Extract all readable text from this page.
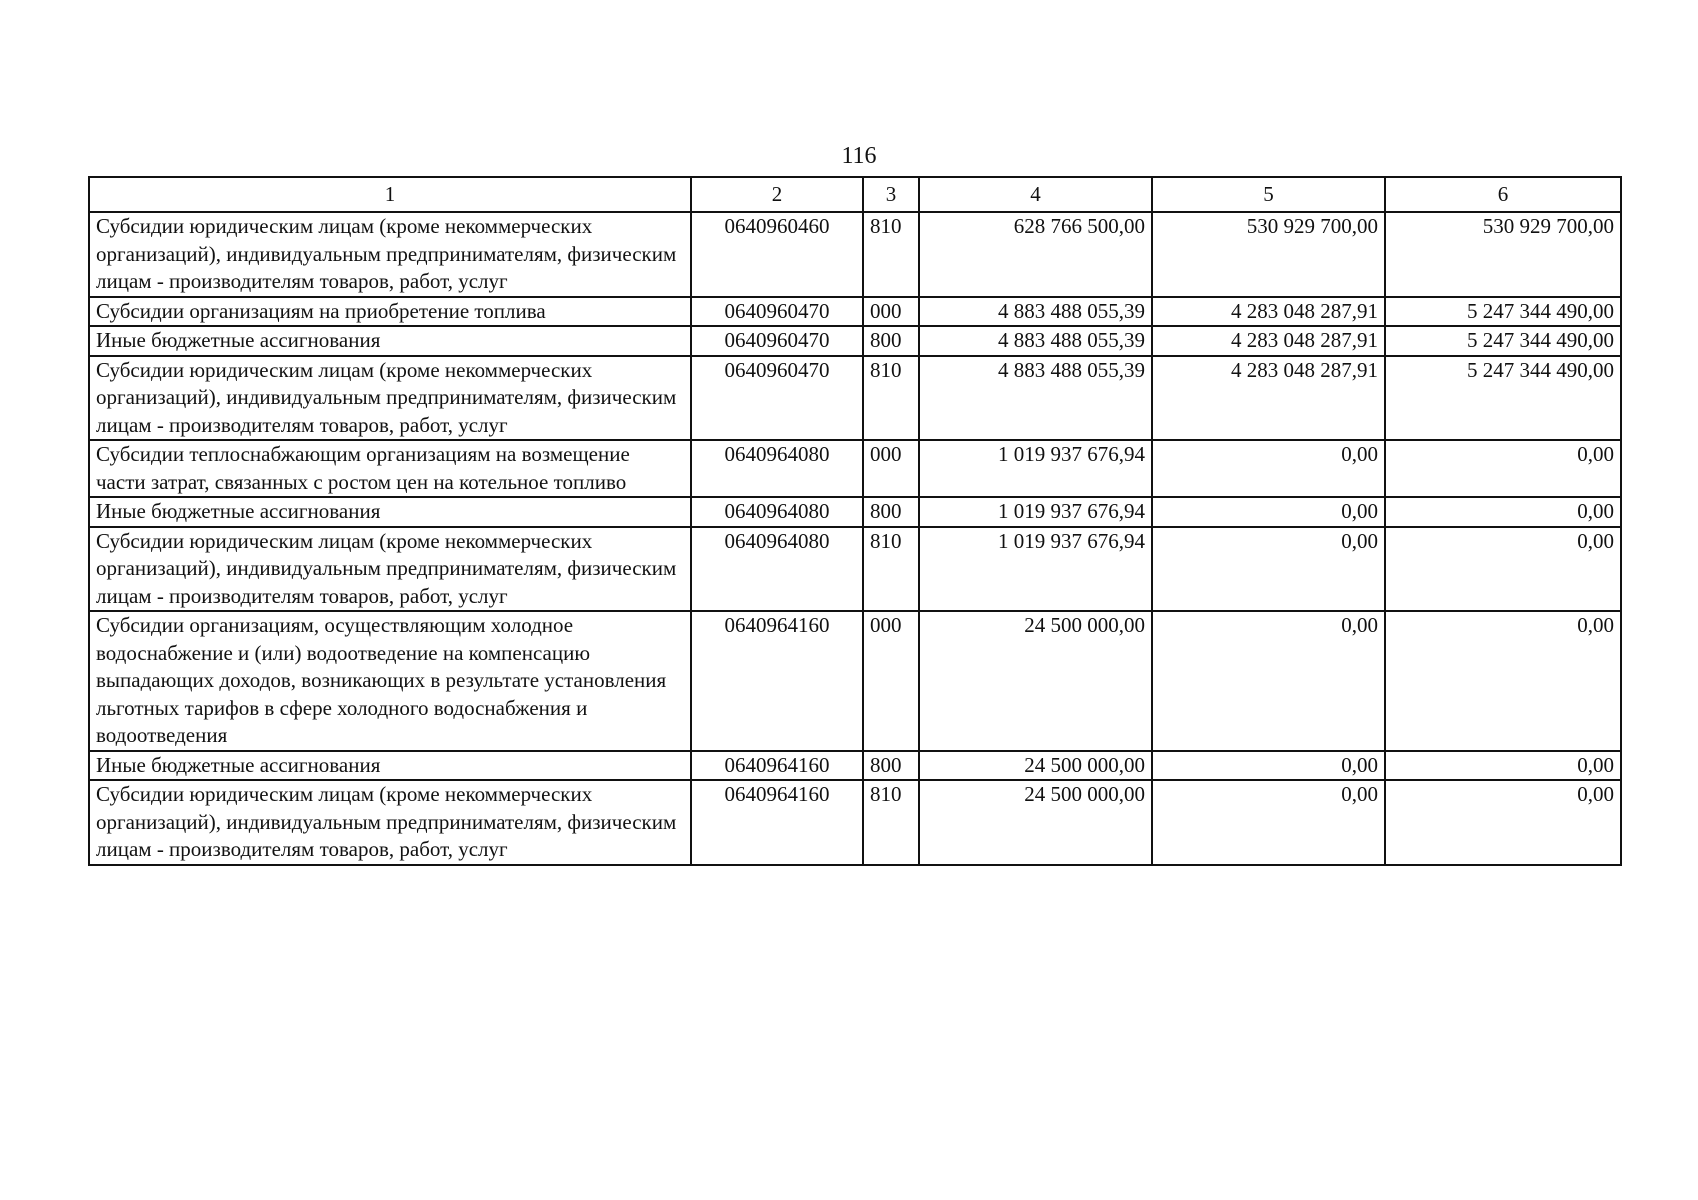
116
1	2	3	4	5	6
Субсидии юридическим лицам (кроме некоммерческих организаций), индивидуальным предпринимателям, физическим лицам - производителям товаров, работ, услуг	0640960460	810	628 766 500,00	530 929 700,00	530 929 700,00
Субсидии организациям на приобретение топлива	0640960470	000	4 883 488 055,39	4 283 048 287,91	5 247 344 490,00
Иные бюджетные ассигнования	0640960470	800	4 883 488 055,39	4 283 048 287,91	5 247 344 490,00
Субсидии юридическим лицам (кроме некоммерческих организаций), индивидуальным предпринимателям, физическим лицам - производителям товаров, работ, услуг	0640960470	810	4 883 488 055,39	4 283 048 287,91	5 247 344 490,00
Субсидии теплоснабжающим организациям на возмещение части затрат, связанных с ростом цен на котельное топливо	0640964080	000	1 019 937 676,94	0,00	0,00
Иные бюджетные ассигнования	0640964080	800	1 019 937 676,94	0,00	0,00
Субсидии юридическим лицам (кроме некоммерческих организаций), индивидуальным предпринимателям, физическим лицам - производителям товаров, работ, услуг	0640964080	810	1 019 937 676,94	0,00	0,00
Субсидии организациям, осуществляющим холодное водоснабжение и (или) водоотведение на компенсацию выпадающих доходов, возникающих в результате установления льготных тарифов в сфере холодного водоснабжения и водоотведения	0640964160	000	24 500 000,00	0,00	0,00
Иные бюджетные ассигнования	0640964160	800	24 500 000,00	0,00	0,00
Субсидии юридическим лицам (кроме некоммерческих организаций), индивидуальным предпринимателям, физическим лицам - производителям товаров, работ, услуг	0640964160	810	24 500 000,00	0,00	0,00
